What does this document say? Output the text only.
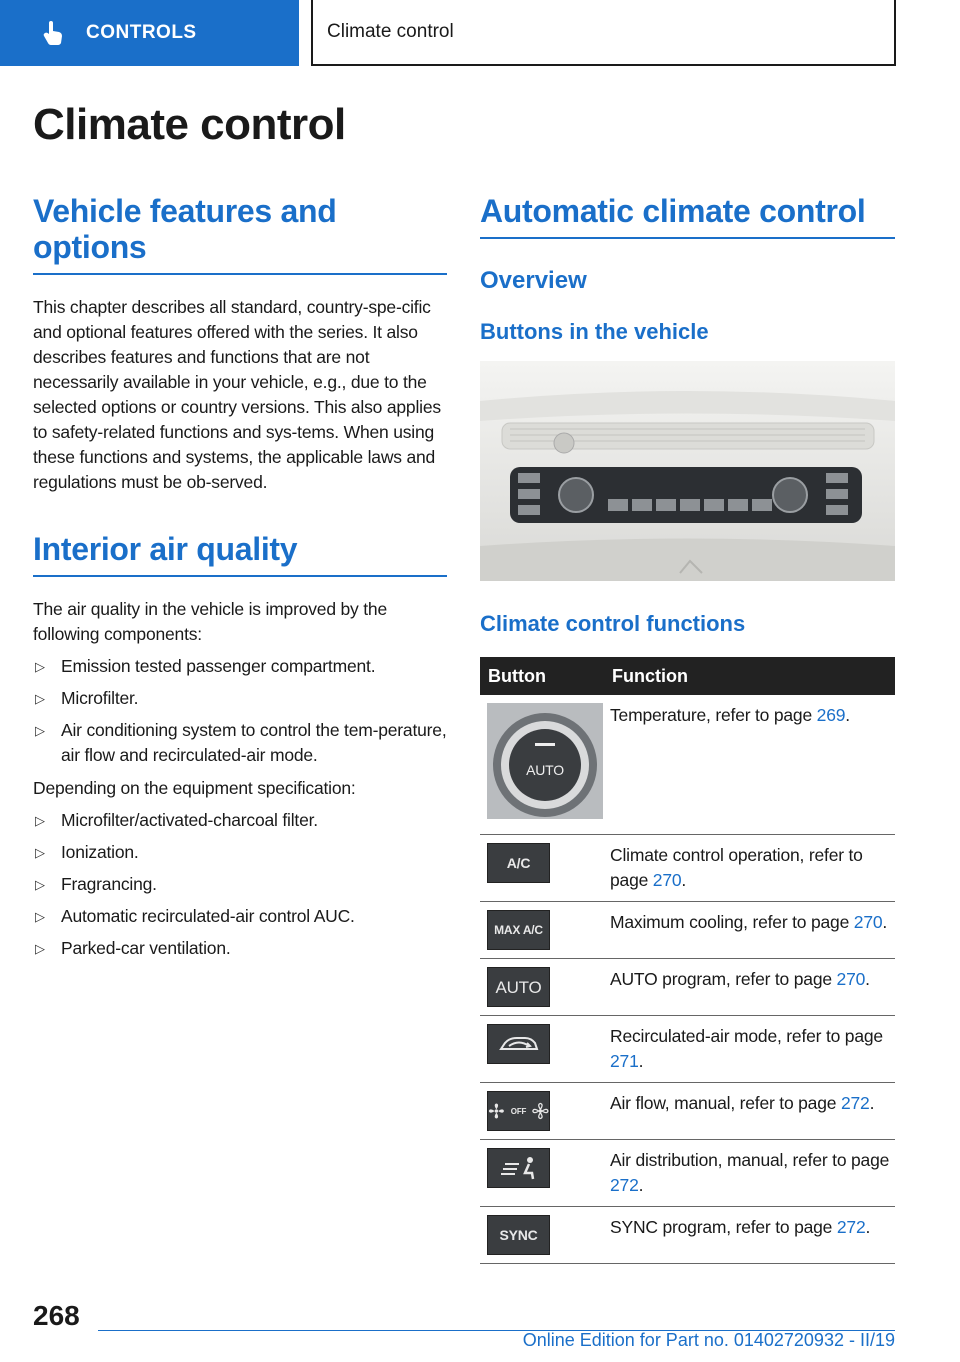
CONTROLS	Climate control
Climate control
Vehicle features and
options

This chapter describes all standard, country-spe-cific and optional features offered with the series. It also describes features and functions that are not necessarily available in your vehicle, e.g., due to the selected options or country versions. This also applies to safety-related functions and sys-tems. When using these functions and systems, the applicable laws and regulations must be ob-served.

Interior air quality

The air quality in the vehicle is improved by the following components:

▷ Emission tested passenger compartment.
▷ Microfilter.
▷ Air conditioning system to control the tem-perature, air flow and recirculated-air mode.

Depending on the equipment specification:

▷ Microfilter/activated-charcoal filter.
▷ Ionization.
▷ Fragrancing.
▷ Automatic recirculated-air control AUC.
▷ Parked-car ventilation.
Automatic climate control
Overview
Buttons in the vehicle
Climate control functions
Button	Function

AUTO	Temperature, refer to page 269.

A/C	Climate control operation, refer to page 270.

MAX A/C	Maximum cooling, refer to page 270.

AUTO	AUTO program, refer to page 270.

	Recirculated-air mode, refer to page 271.

OFF	Air flow, manual, refer to page 272.

	Air distribution, manual, refer to page 272.

SYNC	SYNC program, refer to page 272.
268
Online Edition for Part no. 01402720932 - II/19
